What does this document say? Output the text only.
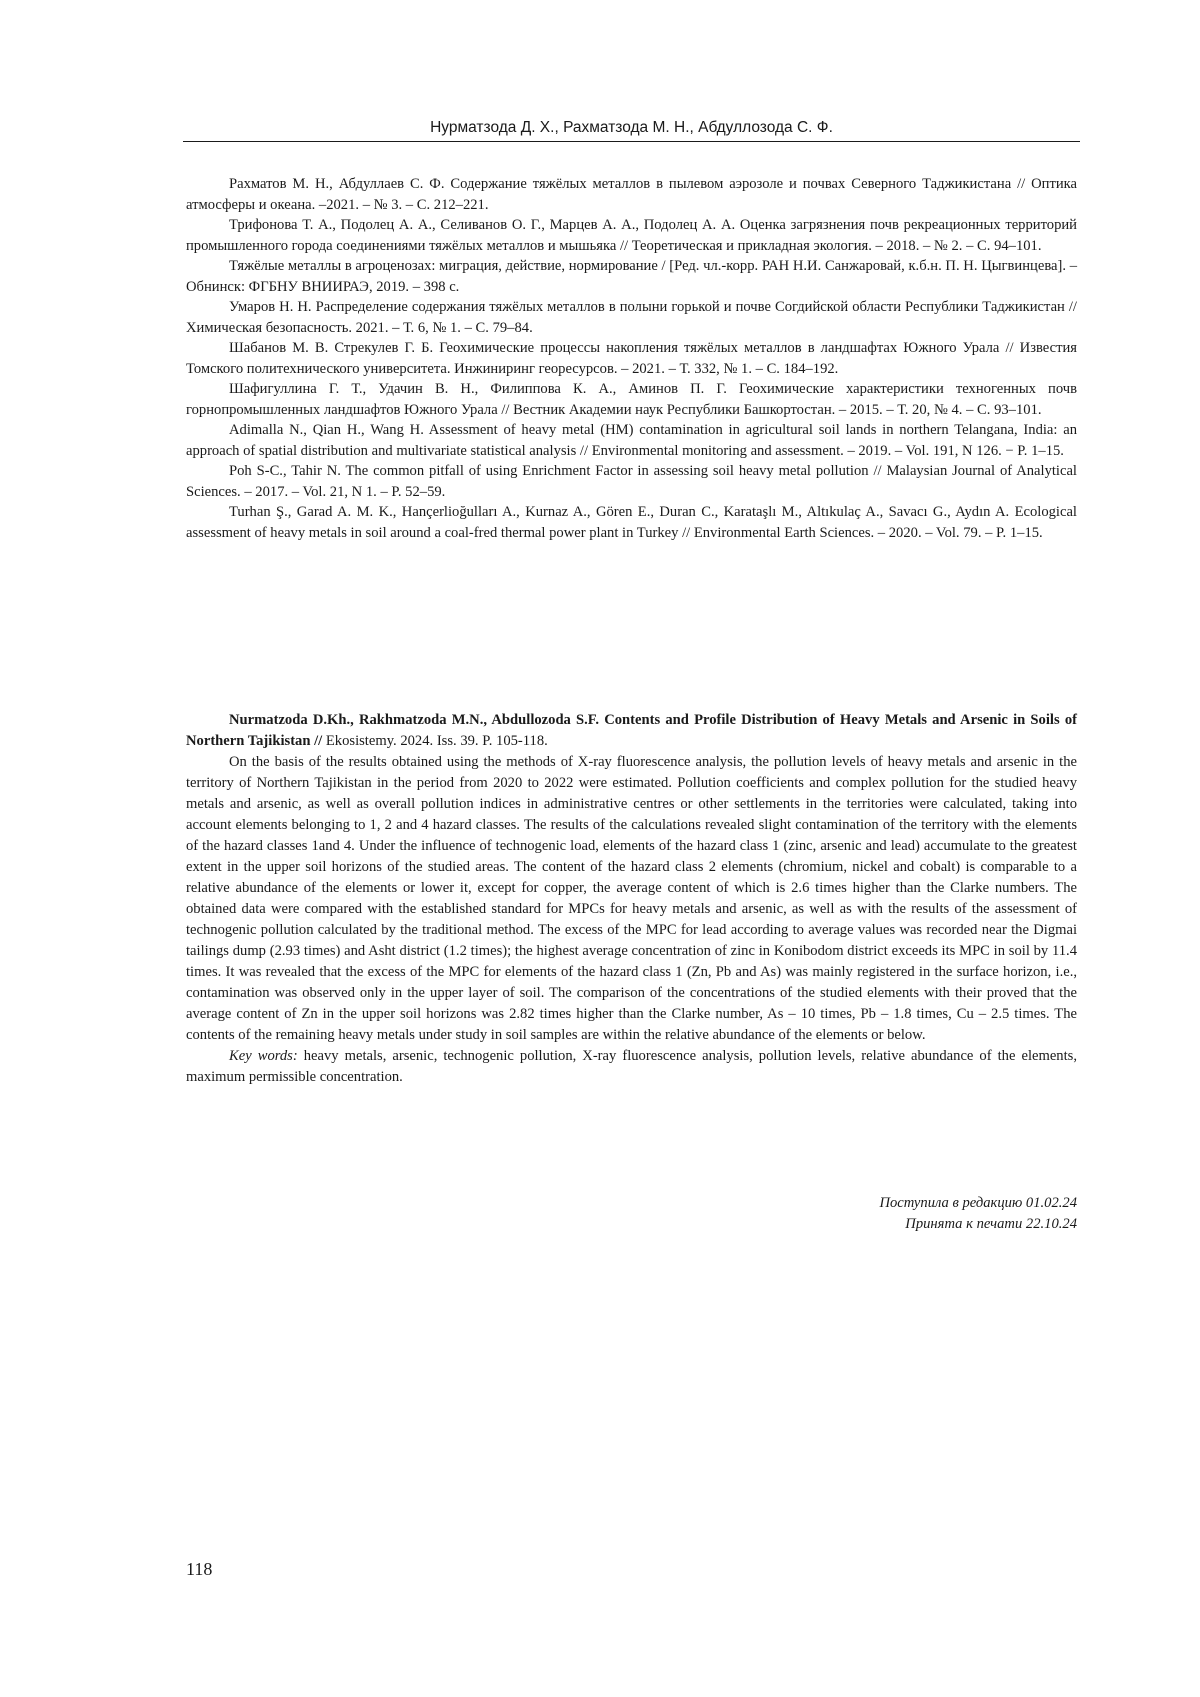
Нурматзода Д. Х., Рахматзода М. Н., Абдуллозода С. Ф.

Рахматов М. Н., Абдуллаев С. Ф. Содержание тяжёлых металлов в пылевом аэрозоле и почвах Северного Таджикистана // Оптика атмосферы и океана. –2021. – № 3. – С. 212–221.

Трифонова Т. А., Подолец А. А., Селиванов О. Г., Марцев А. А., Подолец А. А. Оценка загрязнения почв рекреационных территорий промышленного города соединениями тяжёлых металлов и мышьяка // Теоретическая и прикладная экология. – 2018. – № 2. – С. 94–101.

Тяжёлые металлы в агроценозах: миграция, действие, нормирование / [Ред. чл.-корр. РАН Н.И. Санжаровай, к.б.н. П. Н. Цыгвинцева]. – Обнинск: ФГБНУ ВНИИРАЭ, 2019. – 398 с.

Умаров Н. Н. Распределение содержания тяжёлых металлов в полыни горькой и почве Согдийской области Республики Таджикистан // Химическая безопасность. 2021. – Т. 6, № 1. – С. 79–84.

Шабанов М. В. Стрекулев Г. Б. Геохимические процессы накопления тяжёлых металлов в ландшафтах Южного Урала // Известия Томского политехнического университета. Инжиниринг георесурсов. – 2021. – Т. 332, № 1. – С. 184–192.

Шафигуллина Г. Т., Удачин В. Н., Филиппова К. А., Аминов П. Г. Геохимические характеристики техногенных почв горнопромышленных ландшафтов Южного Урала // Вестник Академии наук Республики Башкортостан. – 2015. – Т. 20, № 4. – С. 93–101.

Adimalla N., Qian H., Wang H. Assessment of heavy metal (HM) contamination in agricultural soil lands in northern Telangana, India: an approach of spatial distribution and multivariate statistical analysis // Environmental monitoring and assessment. – 2019. – Vol. 191, N 126. − P. 1–15.

Poh S-C., Tahir N. The common pitfall of using Enrichment Factor in assessing soil heavy metal pollution // Malaysian Journal of Analytical Sciences. – 2017. – Vol. 21, N 1. – P. 52–59.

Turhan Ş., Garad A. M. K., Hançerlioğulları A., Kurnaz A., Gören E., Duran C., Karataşlı M., Altıkulaç A., Savacı G., Aydın A. Ecological assessment of heavy metals in soil around a coal-fred thermal power plant in Turkey // Environmental Earth Sciences. – 2020. – Vol. 79. – P. 1–15.

Nurmatzoda D.Kh., Rakhmatzoda M.N., Abdullozoda S.F. Contents and Profile Distribution of Heavy Metals and Arsenic in Soils of Northern Tajikistan // Ekosistemy. 2024. Iss. 39. P. 105-118.

On the basis of the results obtained using the methods of X-ray fluorescence analysis, the pollution levels of heavy metals and arsenic in the territory of Northern Tajikistan in the period from 2020 to 2022 were estimated. Pollution coefficients and complex pollution for the studied heavy metals and arsenic, as well as overall pollution indices in administrative centres or other settlements in the territories were calculated, taking into account elements belonging to 1, 2 and 4 hazard classes. The results of the calculations revealed slight contamination of the territory with the elements of the hazard classes 1and 4. Under the influence of technogenic load, elements of the hazard class 1 (zinc, arsenic and lead) accumulate to the greatest extent in the upper soil horizons of the studied areas. The content of the hazard class 2 elements (chromium, nickel and cobalt) is comparable to a relative abundance of the elements or lower it, except for copper, the average content of which is 2.6 times higher than the Clarke numbers. The obtained data were compared with the established standard for MPCs for heavy metals and arsenic, as well as with the results of the assessment of technogenic pollution calculated by the traditional method. The excess of the MPC for lead according to average values was recorded near the Digmai tailings dump (2.93 times) and Asht district (1.2 times); the highest average concentration of zinc in Konibodom district exceeds its MPC in soil by 11.4 times. It was revealed that the excess of the MPC for elements of the hazard class 1 (Zn, Pb and As) was mainly registered in the surface horizon, i.e., contamination was observed only in the upper layer of soil. The comparison of the concentrations of the studied elements with their proved that the average content of Zn in the upper soil horizons was 2.82 times higher than the Clarke number, As – 10 times, Pb – 1.8 times, Cu – 2.5 times. The contents of the remaining heavy metals under study in soil samples are within the relative abundance of the elements or below.

Key words: heavy metals, arsenic, technogenic pollution, X-ray fluorescence analysis, pollution levels, relative abundance of the elements, maximum permissible concentration.

Поступила в редакцию 01.02.24
Принята к печати 22.10.24
118
